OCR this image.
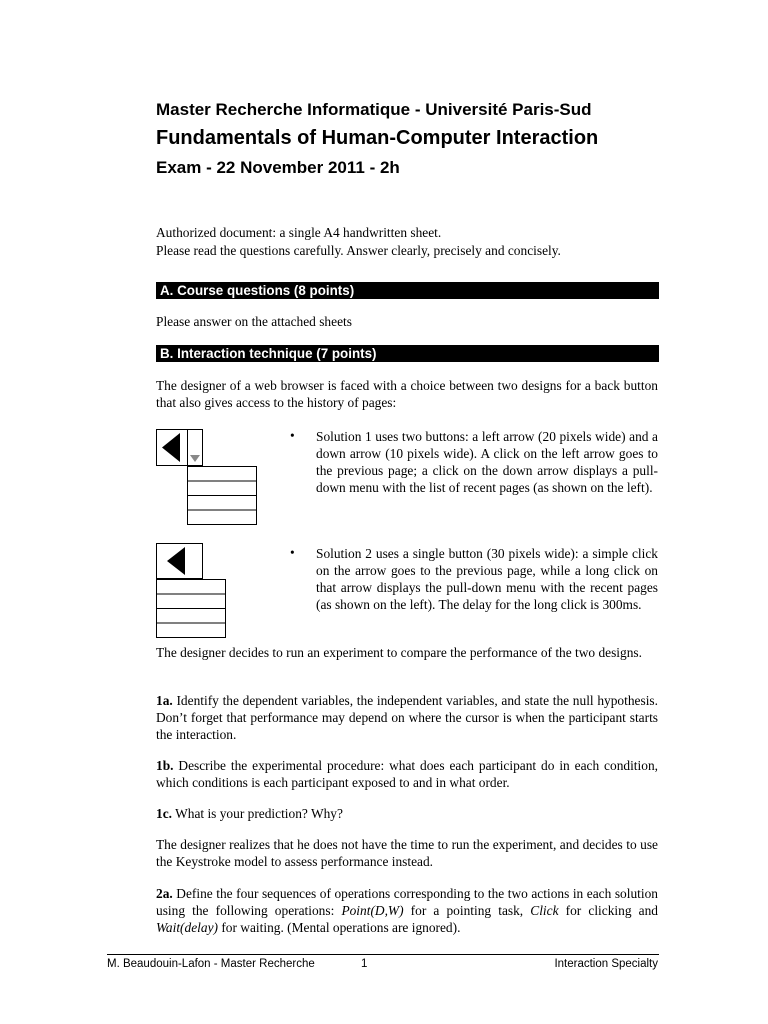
Master Recherche Informatique - Université Paris-Sud
Fundamentals of Human-Computer Interaction
Exam - 22 November 2011 - 2h
Authorized document: a single A4 handwritten sheet.
Please read the questions carefully. Answer clearly, precisely and concisely.
A. Course questions (8 points)
Please answer on the attached sheets
B. Interaction technique (7 points)
The designer of a web browser is faced with a choice between two designs for a back button that also gives access to the history of pages:
• Solution 1 uses two buttons: a left arrow (20 pixels wide) and a down arrow (10 pixels wide). A click on the left arrow goes to the previous page; a click on the down arrow displays a pull-down menu with the list of recent pages (as shown on the left).
• Solution 2 uses a single button (30 pixels wide): a simple click on the arrow goes to the previous page, while a long click on that arrow displays the pull-down menu with the recent pages (as shown on the left). The delay for the long click is 300ms.
The designer decides to run an experiment to compare the performance of the two designs.
1a. Identify the dependent variables, the independent variables, and state the null hypothesis. Don’t forget that performance may depend on where the cursor is when the participant starts the interaction.
1b. Describe the experimental procedure: what does each participant do in each condition, which conditions is each participant exposed to and in what order.
1c. What is your prediction? Why?
The designer realizes that he does not have the time to run the experiment, and decides to use the Keystroke model to assess performance instead.
2a. Define the four sequences of operations corresponding to the two actions in each solution using the following operations: Point(D,W) for a pointing task, Click for clicking and Wait(delay) for waiting. (Mental operations are ignored).
M. Beaudouin-Lafon - Master Recherche	1	Interaction Specialty
